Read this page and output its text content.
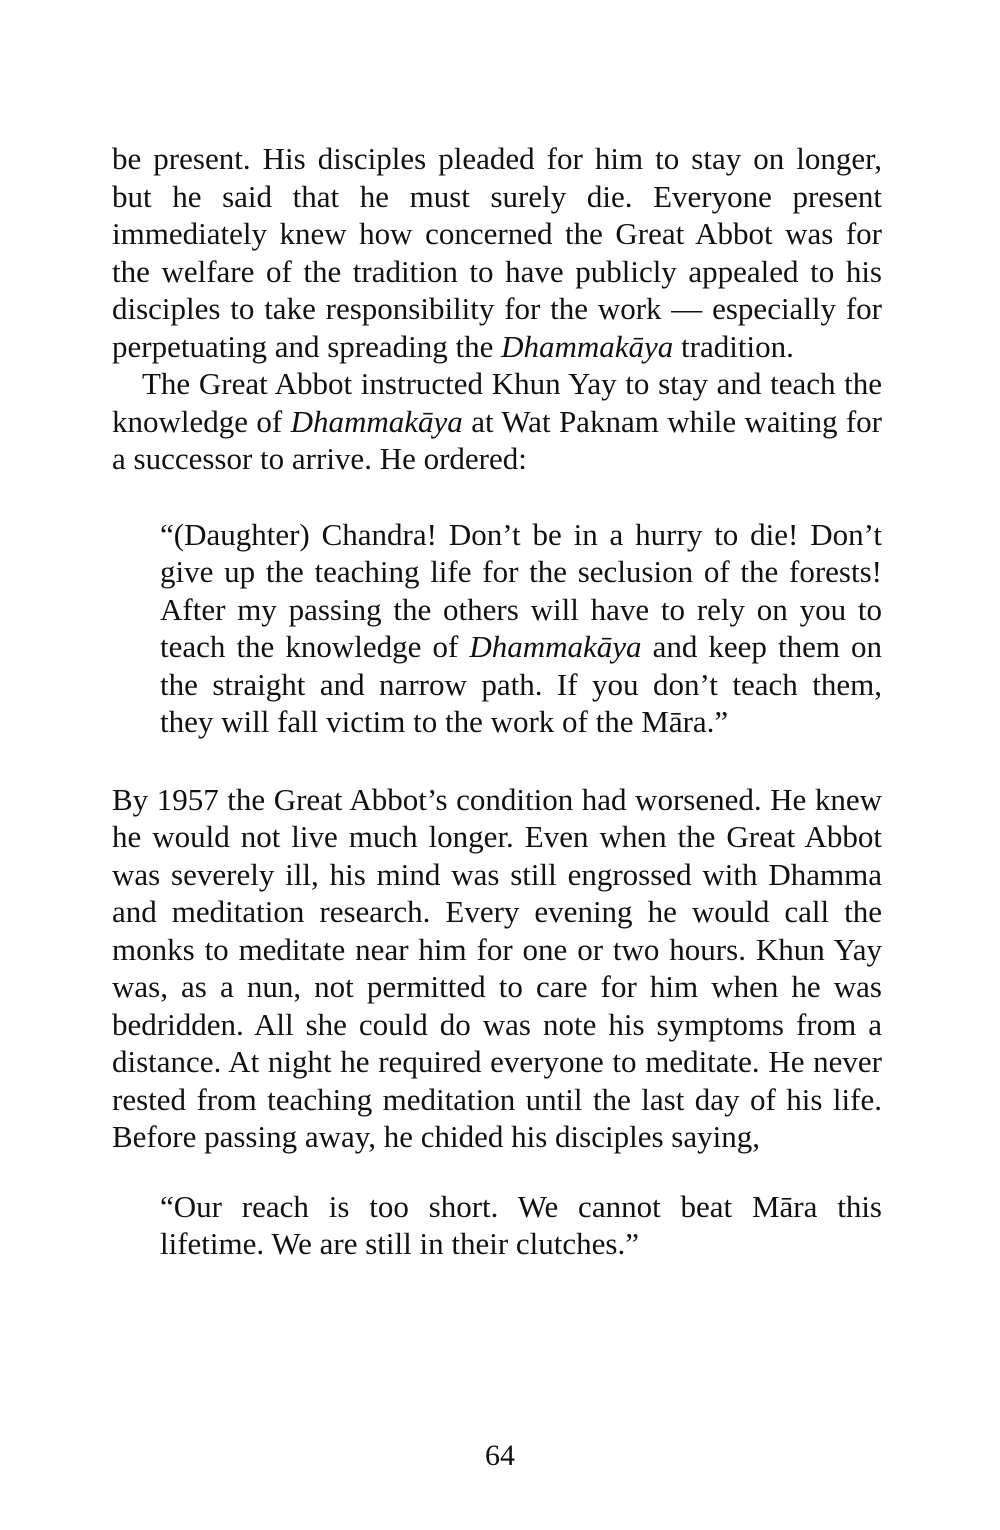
be present. His disciples pleaded for him to stay on longer, but he said that he must surely die. Everyone present immediately knew how concerned the Great Abbot was for the welfare of the tradition to have publicly appealed to his disciples to take responsibility for the work — especially for perpetuating and spreading the Dhammakāya tradition.

The Great Abbot instructed Khun Yay to stay and teach the knowledge of Dhammakāya at Wat Paknam while waiting for a successor to arrive. He ordered:

“(Daughter) Chandra! Don’t be in a hurry to die! Don’t give up the teaching life for the seclusion of the forests! After my passing the others will have to rely on you to teach the knowledge of Dhammakāya and keep them on the straight and narrow path. If you don’t teach them, they will fall victim to the work of the Māra.”

By 1957 the Great Abbot’s condition had worsened. He knew he would not live much longer. Even when the Great Abbot was severely ill, his mind was still engrossed with Dhamma and meditation research. Every evening he would call the monks to meditate near him for one or two hours. Khun Yay was, as a nun, not permitted to care for him when he was bedridden. All she could do was note his symptoms from a distance. At night he required everyone to meditate. He never rested from teaching meditation until the last day of his life. Before passing away, he chided his disciples saying,

“Our reach is too short. We cannot beat Māra this lifetime. We are still in their clutches.”

64
